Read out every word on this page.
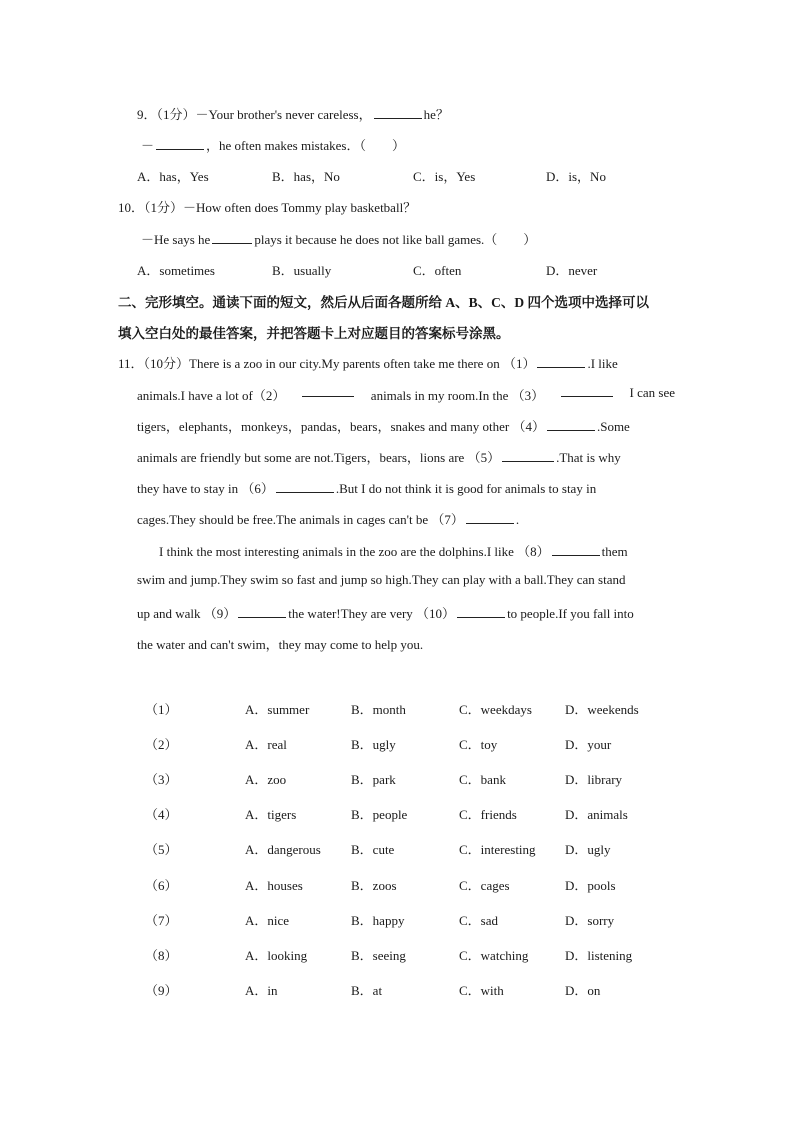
9．（1分）－Your brother's never careless，	he？
－	，he often makes mistakes．（　　）
A．has，Yes	B．has，No	C．is，Yes	D．is，No
10．（1分）－How often does Tommy play basketball？
－He says he	plays it because he does not like ball games.（　　）
A．sometimes	B．usually	C．often	D．never
二、完形填空。通读下面的短文，然后从后面各题所给 A、B、C、D 四个选项中选择可以
填入空白处的最佳答案，并把答题卡上对应题目的答案标号涂黑。
11．（10分）There is a zoo in our city.My parents often take me there on （1）	.I like
animals.I have a lot of（2）	animals in my room.In the （3）	I can see
tigers，elephants，monkeys，pandas，bears，snakes and many other （4）	.Some
animals are friendly but some are not.Tigers，bears，lions are （5）	.That is why
they have to stay in （6）	.But I do not think it is good for animals to stay in
cages.They should be free.The animals in cages can't be （7）	.
I think the most interesting animals in the zoo are the dolphins.I like （8）	them
swim and jump.They swim so fast and jump so high.They can play with a ball.They can stand
up and walk （9）	the water!They are very （10）	to people.If you fall into
the water and can't swim，they may come to help you.
（1）	A．summer	B．month	C．weekdays	D．weekends
（2）	A．real	B．ugly	C．toy	D．your
（3）	A．zoo	B．park	C．bank	D．library
（4）	A．tigers	B．people	C．friends	D．animals
（5）	A．dangerous B．cute	C．interesting D．ugly
（6）	A．houses	B．zoos	C．cages	D．pools
（7）	A．nice	B．happy	C．sad	D．sorry
（8）	A．looking	B．seeing	C．watching	D．listening
（9）	A．in	B．at	C．with	D．on
